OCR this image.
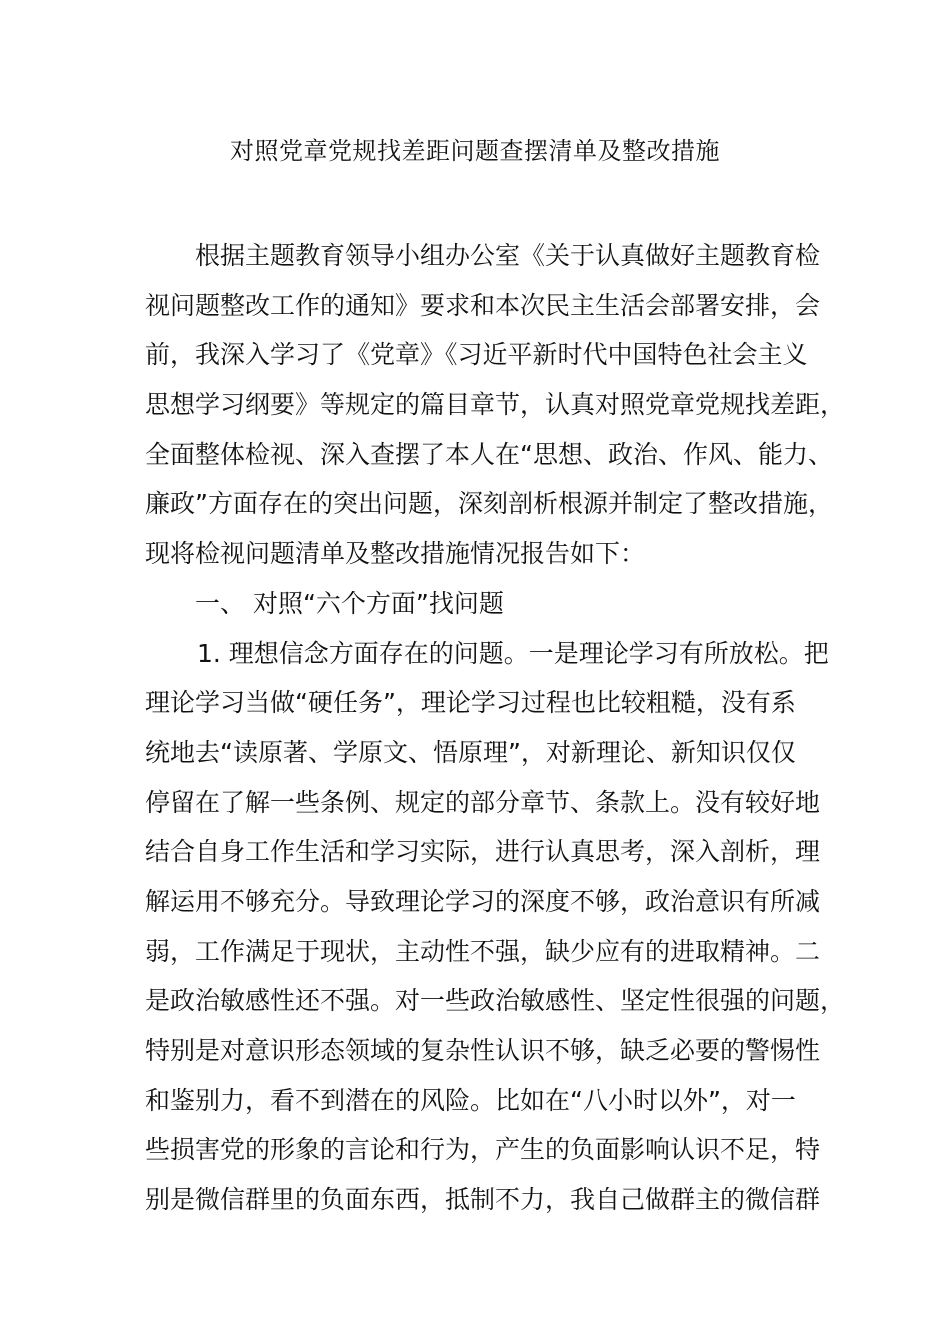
对照党章党规找差距问题查摆清单及整改措施
根据主题教育领导小组办公室《关于认真做好主题教育检
视问题整改工作的通知》要求和本次民主生活会部署安排，会
前，我深入学习了《党章》《习近平新时代中国特色社会主义
思想学习纲要》等规定的篇目章节，认真对照党章党规找差距，
全面整体检视、深入查摆了本人在“思想、政治、作风、能力、
廉政”方面存在的突出问题，深刻剖析根源并制定了整改措施，
现将检视问题清单及整改措施情况报告如下：
一、 对照“六个方面”找问题
1. 理想信念方面存在的问题。一是理论学习有所放松。把
理论学习当做“硬任务”，理论学习过程也比较粗糙，没有系
统地去“读原著、学原文、悟原理”，对新理论、新知识仅仅
停留在了解一些条例、规定的部分章节、条款上。没有较好地
结合自身工作生活和学习实际，进行认真思考，深入剖析，理
解运用不够充分。导致理论学习的深度不够，政治意识有所减
弱，工作满足于现状，主动性不强，缺少应有的进取精神。二
是政治敏感性还不强。对一些政治敏感性、坚定性很强的问题，
特别是对意识形态领域的复杂性认识不够，缺乏必要的警惕性
和鉴别力，看不到潜在的风险。比如在“八小时以外”，对一
些损害党的形象的言论和行为，产生的负面影响认识不足，特
别是微信群里的负面东西，抵制不力，我自己做群主的微信群
